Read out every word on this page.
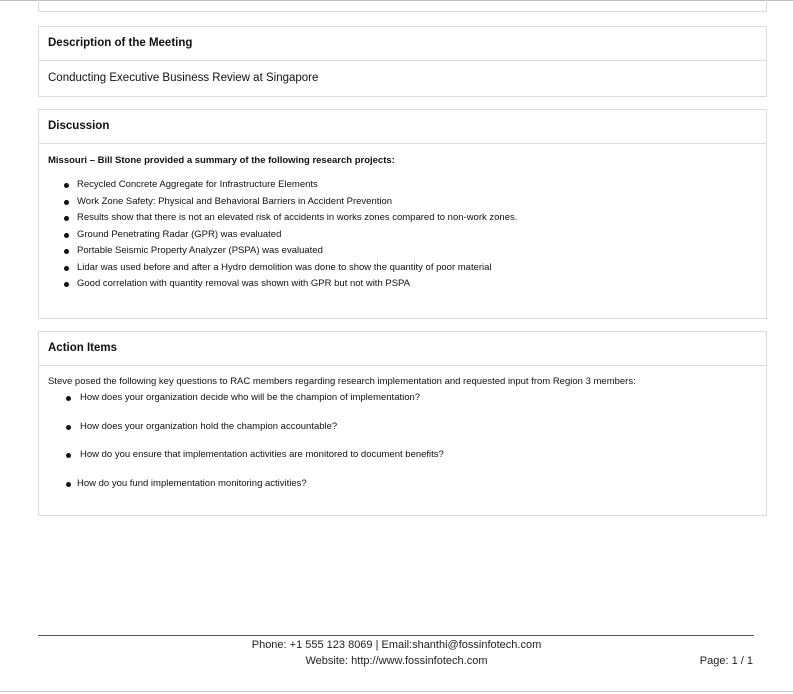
Description of the Meeting
Conducting Executive Business Review at Singapore
Discussion
Missouri – Bill Stone provided a summary of the following research projects:
Recycled Concrete Aggregate for Infrastructure Elements
Work Zone Safety: Physical and Behavioral Barriers in Accident Prevention
Results show that there is not an elevated risk of accidents in works zones compared to non-work zones.
Ground Penetrating Radar (GPR) was evaluated
Portable Seismic Property Analyzer (PSPA) was evaluated
Lidar was used before and after a Hydro demolition was done to show the quantity of poor material
Good correlation with quantity removal was shown with GPR but not with PSPA
Action Items
Steve posed the following key questions to RAC members regarding research implementation and requested input from Region 3 members:
How does your organization decide who will be the champion of implementation?
How does your organization hold the champion accountable?
How do you ensure that implementation activities are monitored to document benefits?
How do you fund implementation monitoring activities?
Phone: +1 555 123 8069 | Email:shanthi@fossinfotech.com
Website: http://www.fossinfotech.com	Page: 1 / 1
